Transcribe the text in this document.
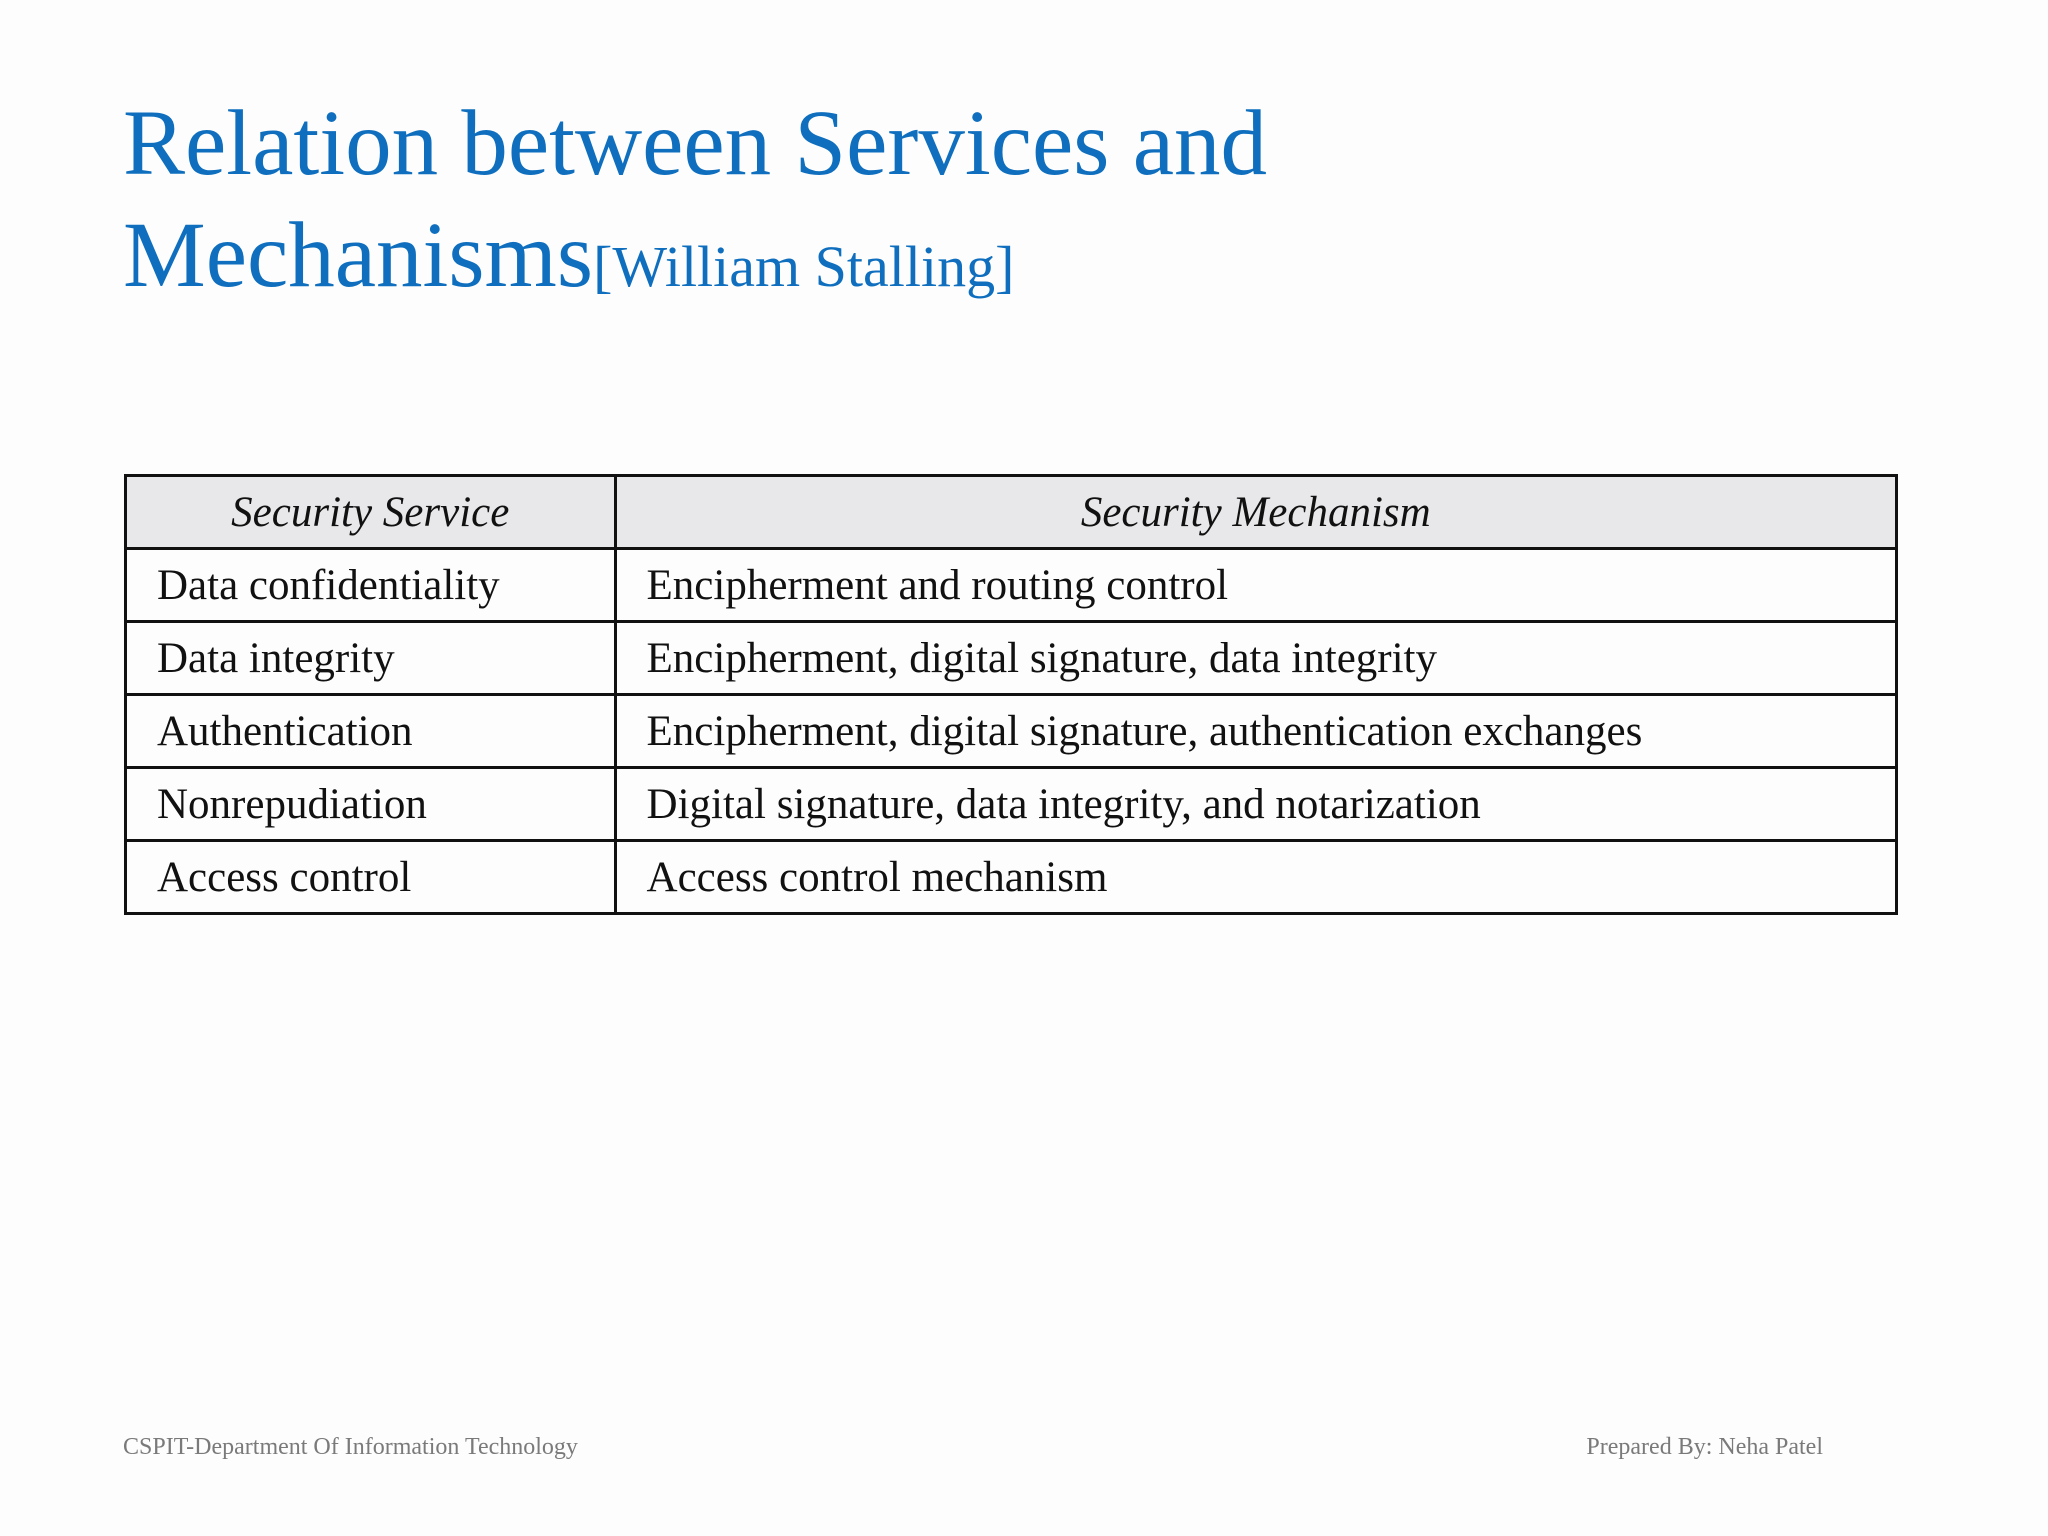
Relation between Services and Mechanisms[William Stalling]
Security Service	Security Mechanism
Data confidentiality	Encipherment and routing control
Data integrity	Encipherment, digital signature, data integrity
Authentication	Encipherment, digital signature, authentication exchanges
Nonrepudiation	Digital signature, data integrity, and notarization
Access control	Access control mechanism
CSPIT-Department Of Information Technology	Prepared By: Neha Patel
